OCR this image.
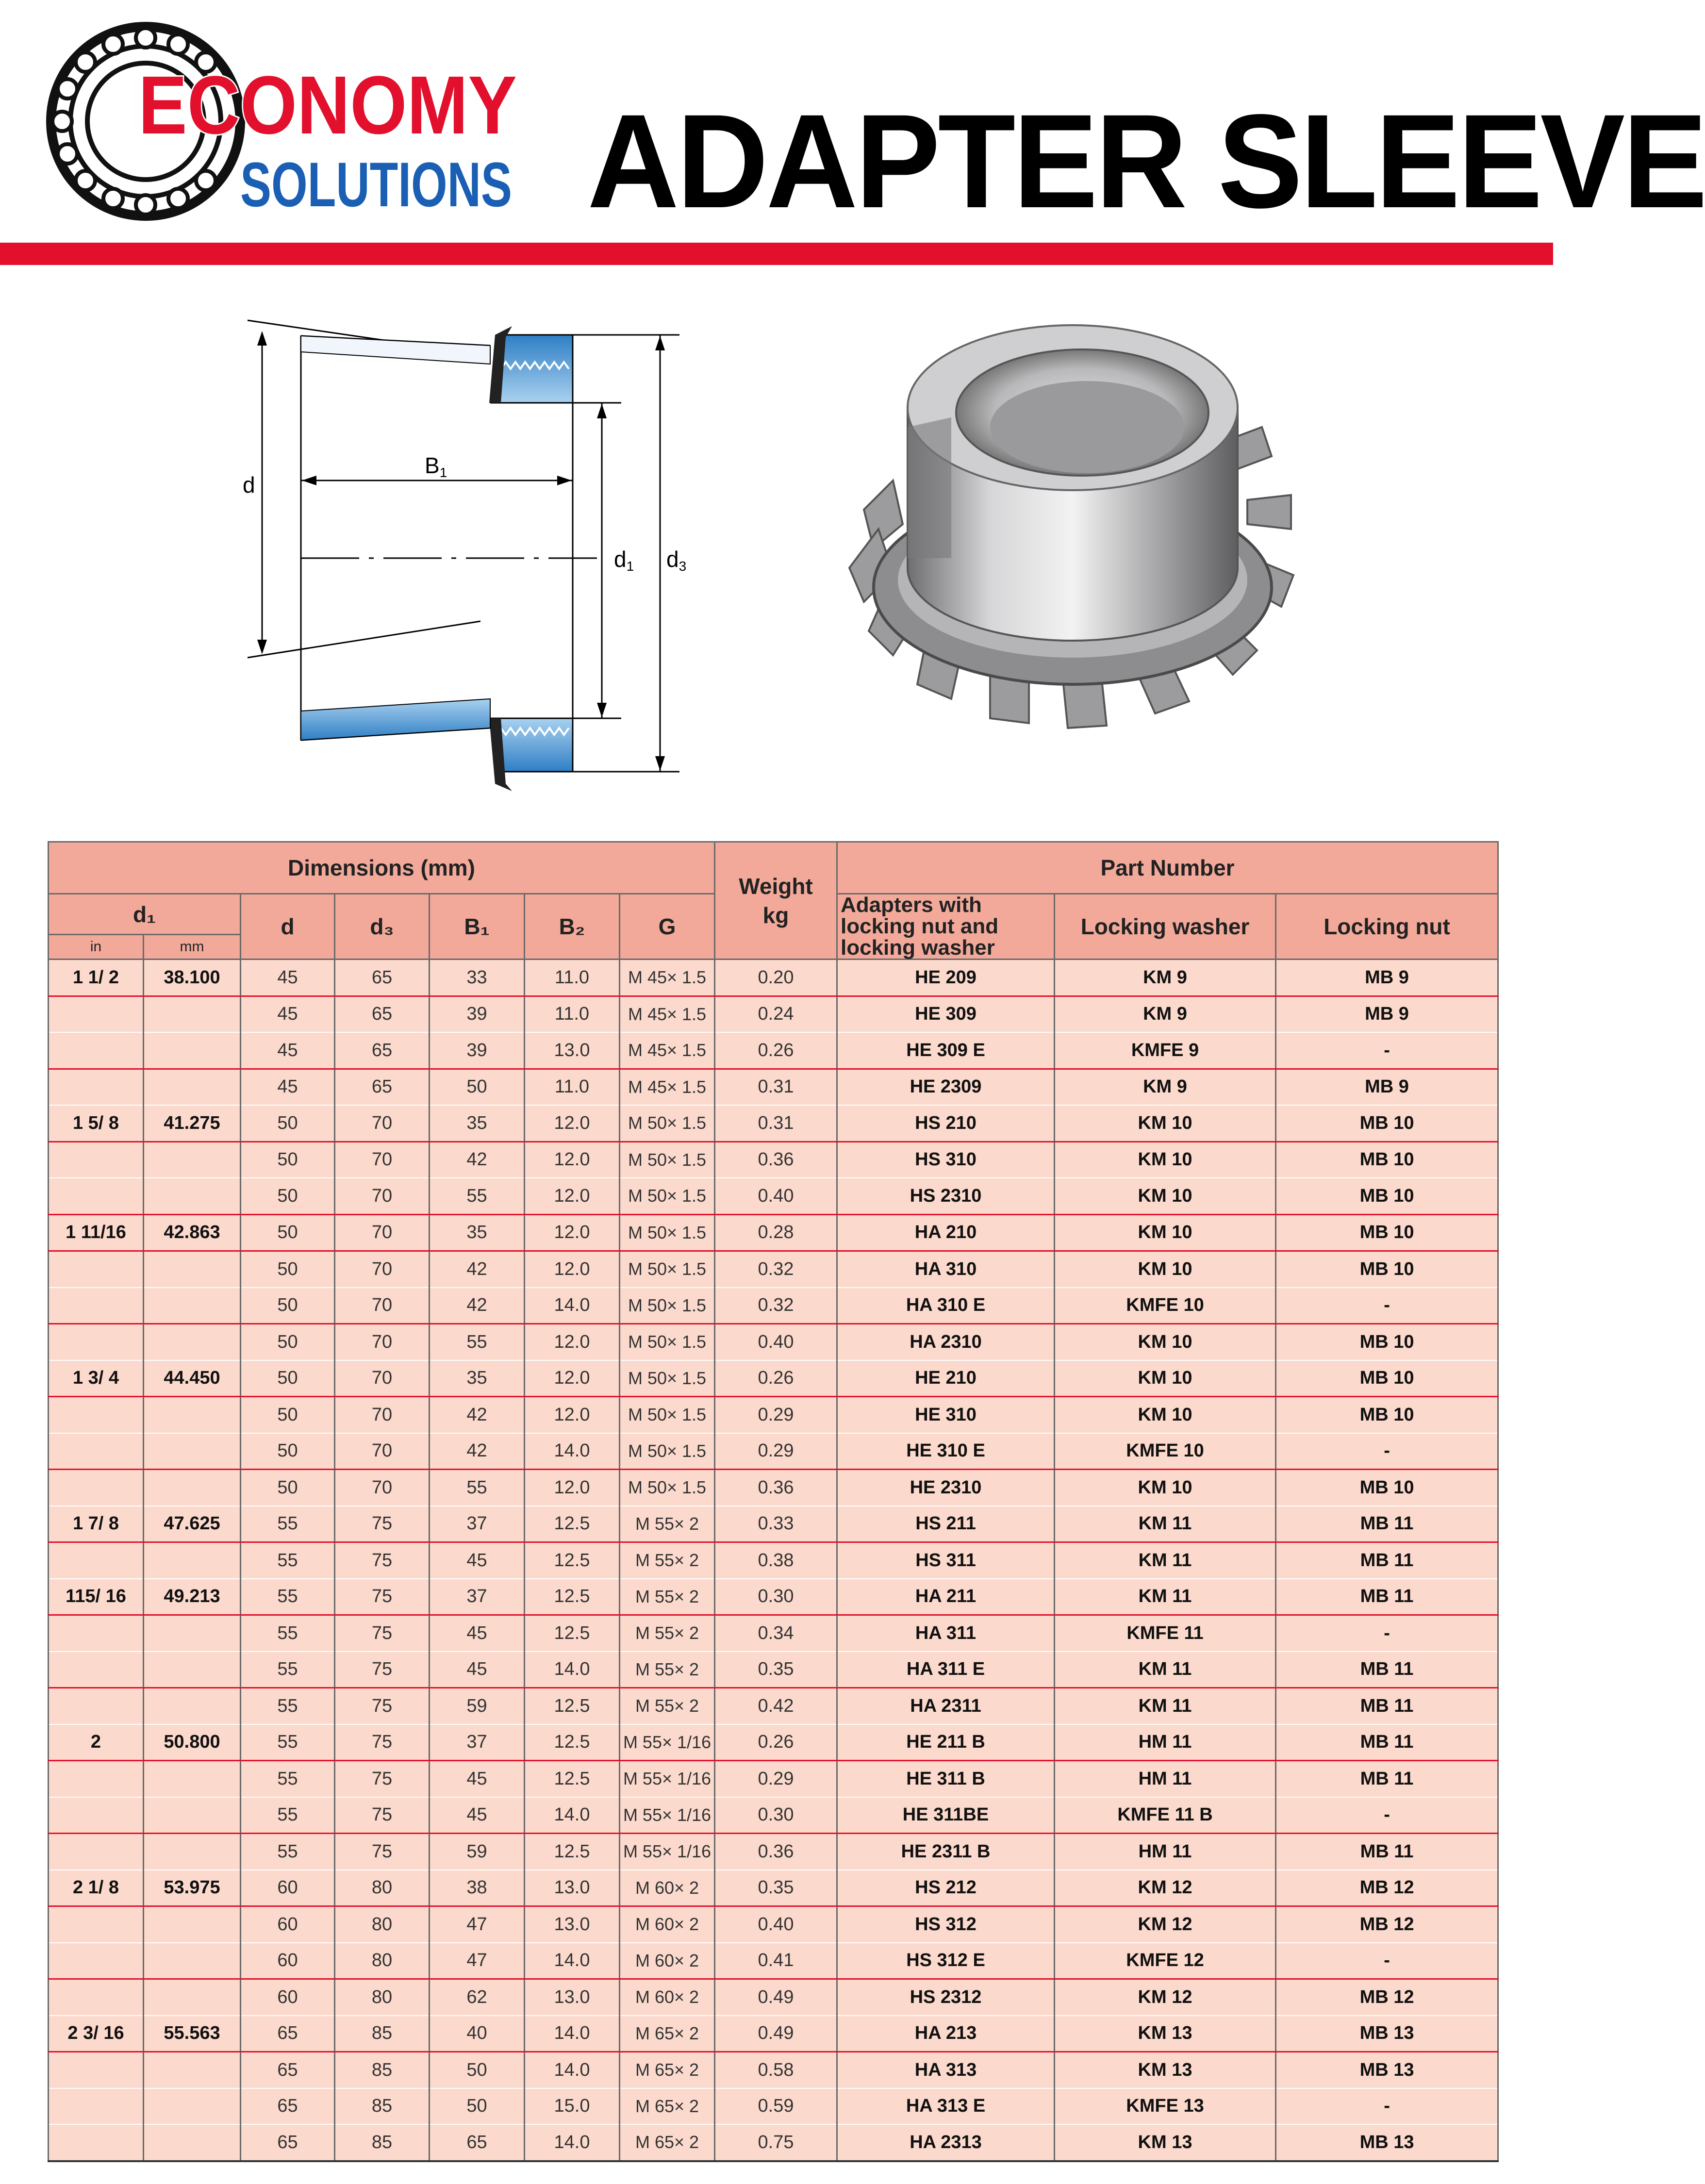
ECONOMY
SOLUTIONS ADAPTER SLEEVE
d
B1
d1 d3
Dimensions (mm)							Weight kg	Part Number		
d₁		d	d₃	B₁	B₂	G		Adapters with locking nut and locking washer	Locking washer	Locking nut
in	mm									
1 1/ 2	38.100	45	65	33	11.0	M 45× 1.5	0.20	HE 209	KM 9	MB 9
		45	65	39	11.0	M 45× 1.5	0.24	HE 309	KM 9	MB 9
		45	65	39	13.0	M 45× 1.5	0.26	HE 309 E	KMFE 9	-
		45	65	50	11.0	M 45× 1.5	0.31	HE 2309	KM 9	MB 9
1 5/ 8	41.275	50	70	35	12.0	M 50× 1.5	0.31	HS 210	KM 10	MB 10
		50	70	42	12.0	M 50× 1.5	0.36	HS 310	KM 10	MB 10
		50	70	55	12.0	M 50× 1.5	0.40	HS 2310	KM 10	MB 10
1 11/16	42.863	50	70	35	12.0	M 50× 1.5	0.28	HA 210	KM 10	MB 10
		50	70	42	12.0	M 50× 1.5	0.32	HA 310	KM 10	MB 10
		50	70	42	14.0	M 50× 1.5	0.32	HA 310 E	KMFE 10	-
		50	70	55	12.0	M 50× 1.5	0.40	HA 2310	KM 10	MB 10
1 3/ 4	44.450	50	70	35	12.0	M 50× 1.5	0.26	HE 210	KM 10	MB 10
		50	70	42	12.0	M 50× 1.5	0.29	HE 310	KM 10	MB 10
		50	70	42	14.0	M 50× 1.5	0.29	HE 310 E	KMFE 10	-
		50	70	55	12.0	M 50× 1.5	0.36	HE 2310	KM 10	MB 10
1 7/ 8	47.625	55	75	37	12.5	M 55× 2	0.33	HS 211	KM 11	MB 11
		55	75	45	12.5	M 55× 2	0.38	HS 311	KM 11	MB 11
115/ 16	49.213	55	75	37	12.5	M 55× 2	0.30	HA 211	KM 11	MB 11
		55	75	45	12.5	M 55× 2	0.34	HA 311	KMFE 11	-
		55	75	45	14.0	M 55× 2	0.35	HA 311 E	KM 11	MB 11
		55	75	59	12.5	M 55× 2	0.42	HA 2311	KM 11	MB 11
2	50.800	55	75	37	12.5	M 55× 1/16	0.26	HE 211 B	HM 11	MB 11
		55	75	45	12.5	M 55× 1/16	0.29	HE 311 B	HM 11	MB 11
		55	75	45	14.0	M 55× 1/16	0.30	HE 311BE	KMFE 11 B	-
		55	75	59	12.5	M 55× 1/16	0.36	HE 2311 B	HM 11	MB 11
2 1/ 8	53.975	60	80	38	13.0	M 60× 2	0.35	HS 212	KM 12	MB 12
		60	80	47	13.0	M 60× 2	0.40	HS 312	KM 12	MB 12
		60	80	47	14.0	M 60× 2	0.41	HS 312 E	KMFE 12	-
		60	80	62	13.0	M 60× 2	0.49	HS 2312	KM 12	MB 12
2 3/ 16	55.563	65	85	40	14.0	M 65× 2	0.49	HA 213	KM 13	MB 13
		65	85	50	14.0	M 65× 2	0.58	HA 313	KM 13	MB 13
		65	85	50	15.0	M 65× 2	0.59	HA 313 E	KMFE 13	-
		65	85	65	14.0	M 65× 2	0.75	HA 2313	KM 13	MB 13
